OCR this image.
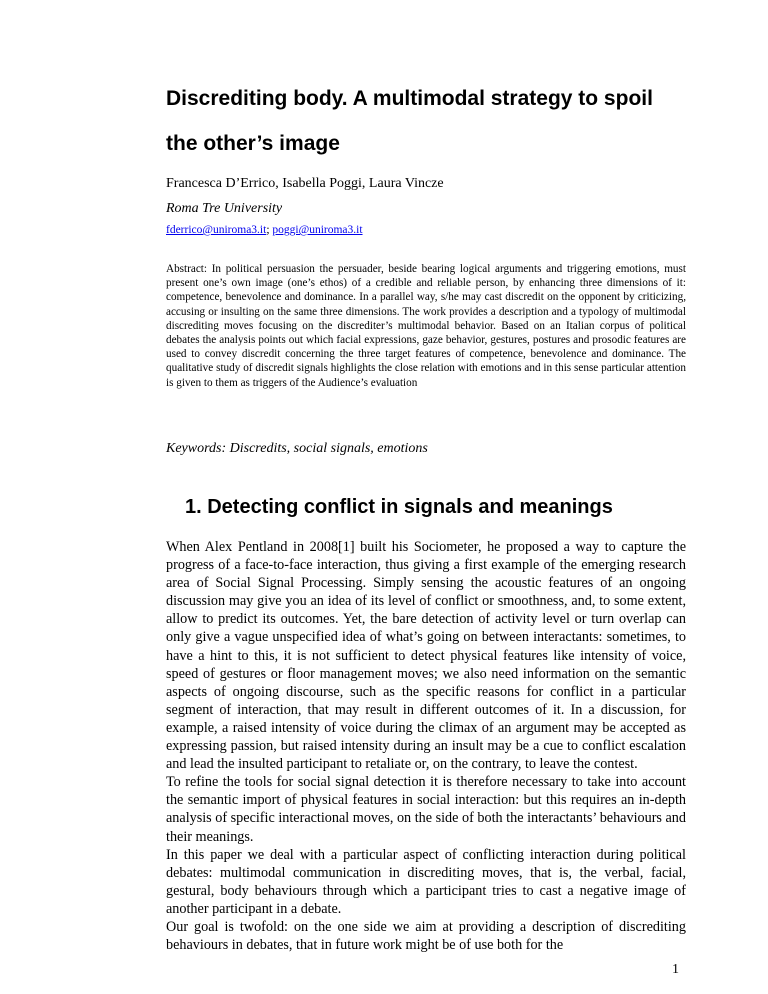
Discrediting body. A multimodal strategy to spoil the other’s image

Francesca D’Errico, Isabella Poggi, Laura Vincze

Roma Tre University

fderrico@uniroma3.it; poggi@uniroma3.it

Abstract: In political persuasion the persuader, beside bearing logical arguments and triggering emotions, must present one’s own image (one’s ethos) of a credible and reliable person, by enhancing three dimensions of it: competence, benevolence and dominance. In a parallel way, s/he may cast discredit on the opponent by criticizing, accusing or insulting on the same three dimensions. The work provides a description and a typology of multimodal discrediting moves focusing on the discrediter’s multimodal behavior. Based on an Italian corpus of political debates the analysis points out which facial expressions, gaze behavior, gestures, postures and prosodic features are used to convey discredit concerning the three target features of competence, benevolence and dominance. The qualitative study of discredit signals highlights the close relation with emotions and in this sense particular attention is given to them as triggers of the Audience’s evaluation

Keywords: Discredits, social signals, emotions

1. Detecting conflict in signals and meanings

When Alex Pentland in 2008[1] built his Sociometer, he proposed a way to capture the progress of a face-to-face interaction, thus giving a first example of the emerging research area of Social Signal Processing. Simply sensing the acoustic features of an ongoing discussion may give you an idea of its level of conflict or smoothness, and, to some extent, allow to predict its outcomes. Yet, the bare detection of activity level or turn overlap can only give a vague unspecified idea of what’s going on between interactants: sometimes, to have a hint to this, it is not sufficient to detect physical features like intensity of voice, speed of gestures or floor management moves; we also need information on the semantic aspects of ongoing discourse, such as the specific reasons for conflict in a particular segment of interaction, that may result in different outcomes of it. In a discussion, for example, a raised intensity of voice during the climax of an argument may be accepted as expressing passion, but raised intensity during an insult may be a cue to conflict escalation and lead the insulted participant to retaliate or, on the contrary, to leave the contest.

To refine the tools for social signal detection it is therefore necessary to take into account the semantic import of physical features in social interaction: but this requires an in-depth analysis of specific interactional moves, on the side of both the interactants’ behaviours and their meanings.

In this paper we deal with a particular aspect of conflicting interaction during political debates: multimodal communication in discrediting moves, that is, the verbal, facial, gestural, body behaviours through which a participant tries to cast a negative image of another participant in a debate.

Our goal is twofold: on the one side we aim at providing a description of discrediting behaviours in debates, that in future work might be of use both for the

1
